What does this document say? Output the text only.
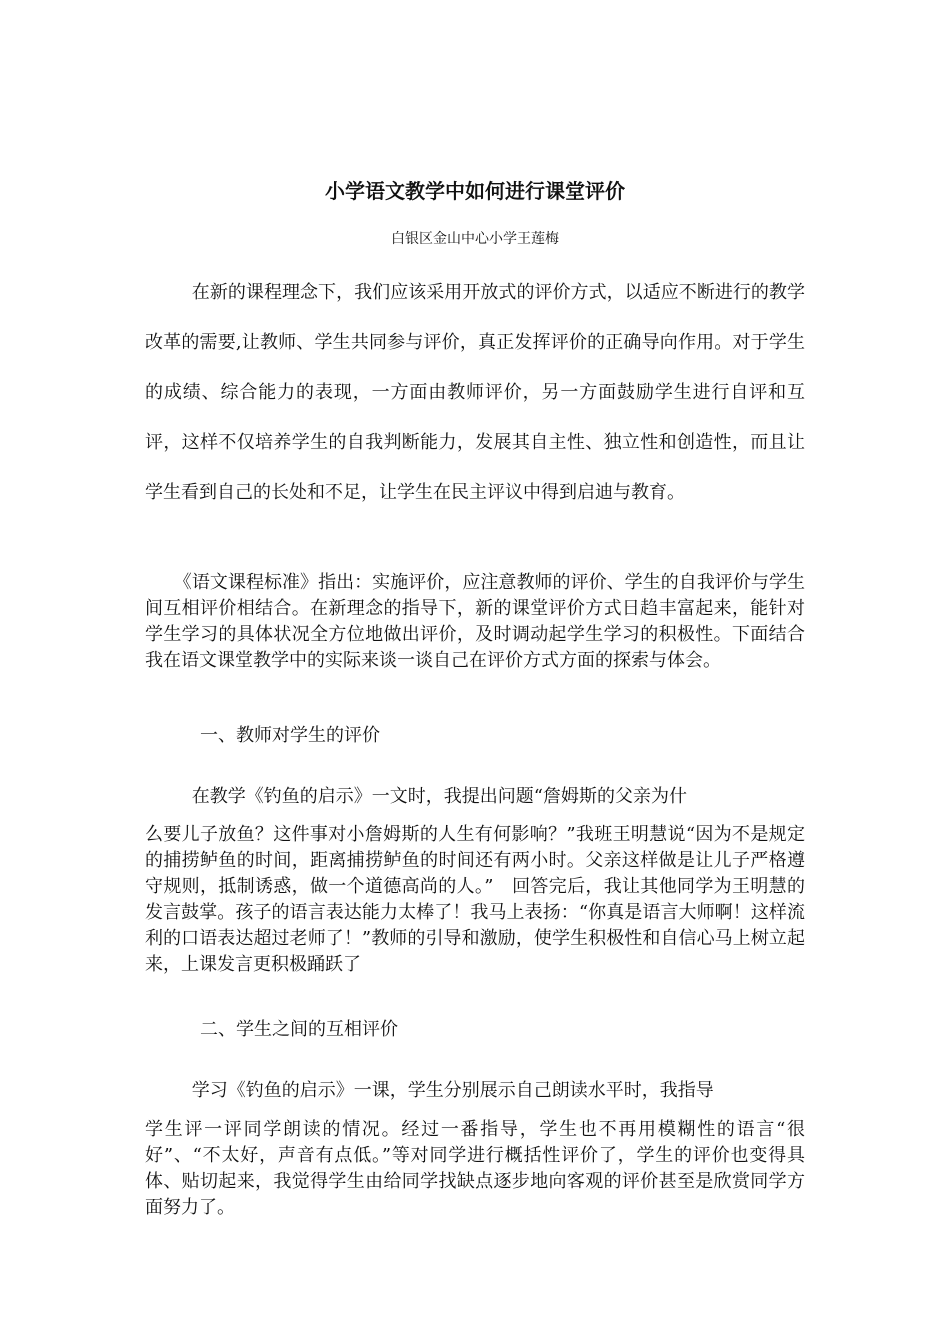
小学语文教学中如何进行课堂评价
白银区金山中心小学王莲梅

在新的课程理念下，我们应该采用开放式的评价方式，以适应不断进行的教学改革的需要,让教师、学生共同参与评价，真正发挥评价的正确导向作用。对于学生的成绩、综合能力的表现，一方面由教师评价，另一方面鼓励学生进行自评和互评，这样不仅培养学生的自我判断能力，发展其自主性、独立性和创造性，而且让学生看到自己的长处和不足，让学生在民主评议中得到启迪与教育。

《语文课程标准》指出：实施评价，应注意教师的评价、学生的自我评价与学生间互相评价相结合。在新理念的指导下，新的课堂评价方式日趋丰富起来，能针对学生学习的具体状况全方位地做出评价，及时调动起学生学习的积极性。下面结合我在语文课堂教学中的实际来谈一谈自己在评价方式方面的探索与体会。

一、教师对学生的评价

在教学《钓鱼的启示》一文时，我提出问题“詹姆斯的父亲为什

么要儿子放鱼？这件事对小詹姆斯的人生有何影响？”我班王明慧说“因为不是规定的捕捞鲈鱼的时间，距离捕捞鲈鱼的时间还有两小时。父亲这样做是让儿子严格遵守规则，抵制诱惑，做一个道德高尚的人。”　回答完后，我让其他同学为王明慧的发言鼓掌。孩子的语言表达能力太棒了！我马上表扬：“你真是语言大师啊！这样流利的口语表达超过老师了！”教师的引导和激励，使学生积极性和自信心马上树立起来，上课发言更积极踊跃了

二、学生之间的互相评价

学习《钓鱼的启示》一课，学生分别展示自己朗读水平时，我指导

学生评一评同学朗读的情况。经过一番指导，学生也不再用模糊性的语言“很好”、“不太好，声音有点低。”等对同学进行概括性评价了，学生的评价也变得具体、贴切起来，我觉得学生由给同学找缺点逐步地向客观的评价甚至是欣赏同学方面努力了。
